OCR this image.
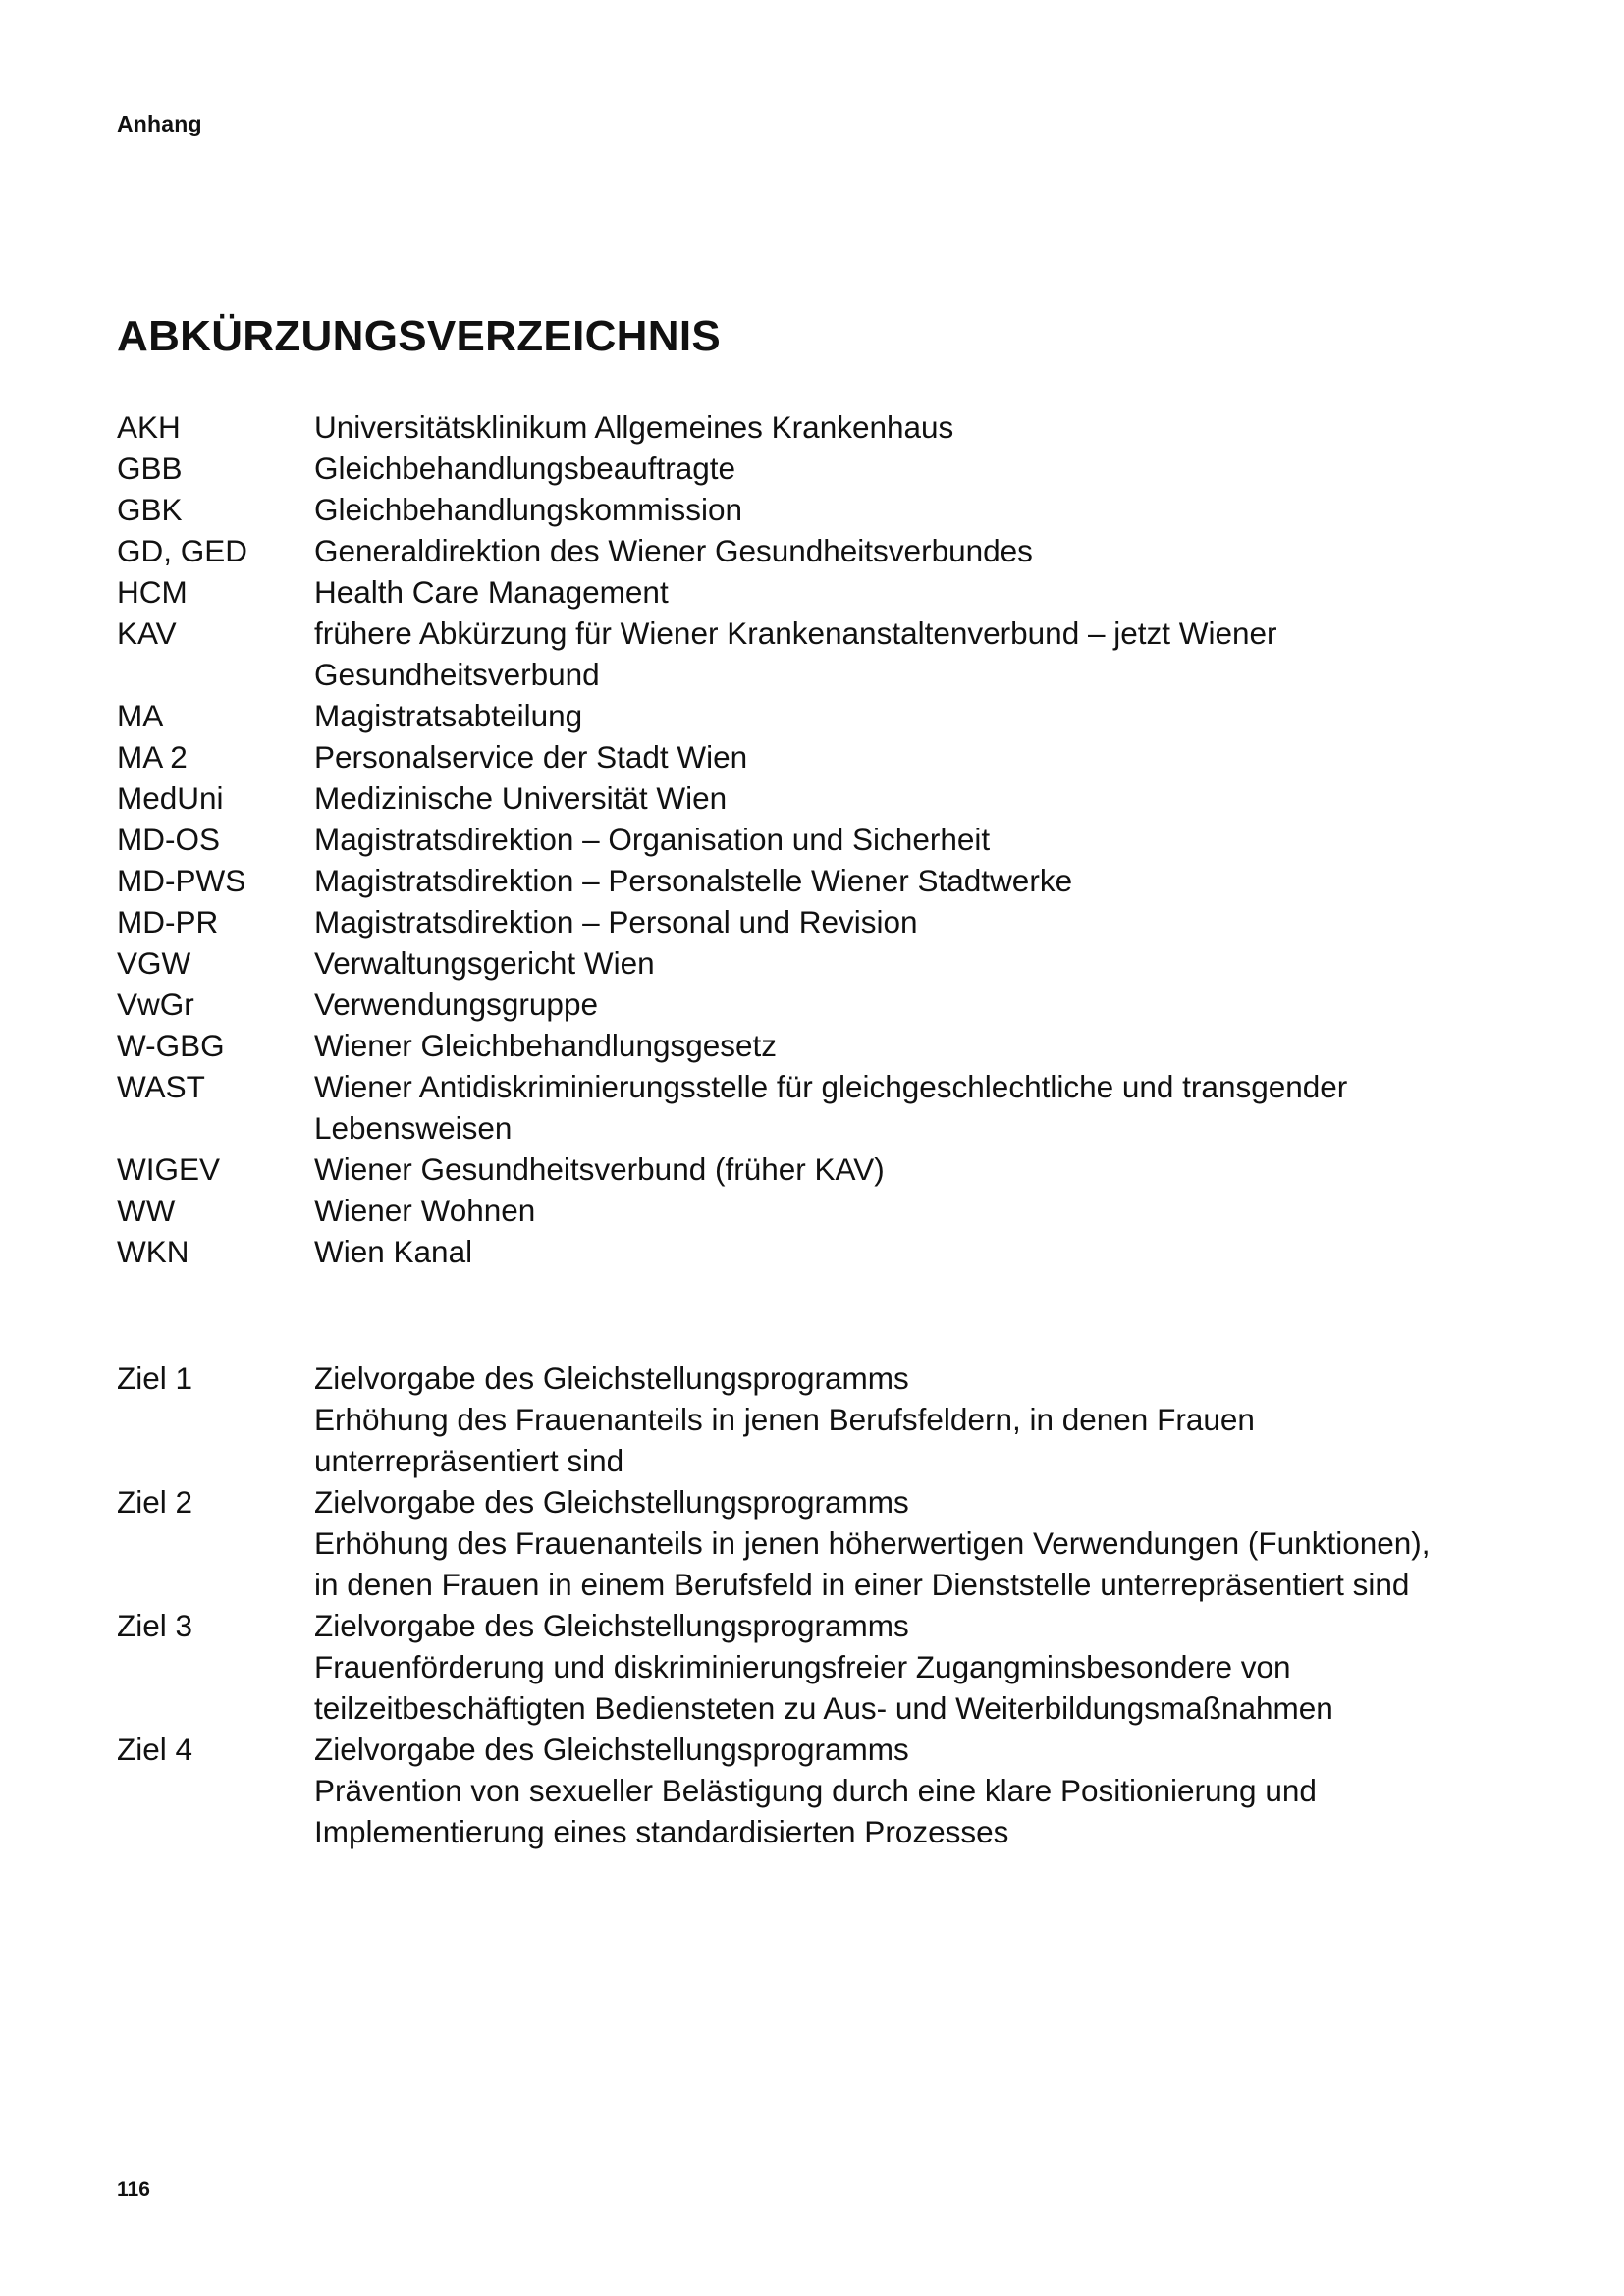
Anhang
ABKÜRZUNGSVERZEICHNIS
AKH	Universitätsklinikum Allgemeines Krankenhaus
GBB	Gleichbehandlungsbeauftragte
GBK	Gleichbehandlungskommission
GD, GED	Generaldirektion des Wiener Gesundheitsverbundes
HCM	Health Care Management
KAV	frühere Abkürzung für Wiener Krankenanstaltenverbund – jetzt Wiener
Gesundheitsverbund
MA	Magistratsabteilung
MA 2	Personalservice der Stadt Wien
MedUni	Medizinische Universität Wien
MD-OS	Magistratsdirektion – Organisation und Sicherheit
MD-PWS	Magistratsdirektion – Personalstelle Wiener Stadtwerke
MD-PR	Magistratsdirektion – Personal und Revision
VGW	Verwaltungsgericht Wien
VwGr	Verwendungsgruppe
W-GBG	Wiener Gleichbehandlungsgesetz
WAST	Wiener Antidiskriminierungsstelle für gleichgeschlechtliche und transgender
Lebensweisen
WIGEV	Wiener Gesundheitsverbund (früher KAV)
WW	Wiener Wohnen
WKN	Wien Kanal
Ziel 1	Zielvorgabe des Gleichstellungsprogramms
Erhöhung des Frauenanteils in jenen Berufsfeldern, in denen Frauen
unterrepräsentiert sind
Ziel 2	Zielvorgabe des Gleichstellungsprogramms
Erhöhung des Frauenanteils in jenen höherwertigen Verwendungen (Funktionen),
in denen Frauen in einem Berufsfeld in einer Dienststelle unterrepräsentiert sind
Ziel 3	Zielvorgabe des Gleichstellungsprogramms
Frauenförderung und diskriminierungsfreier Zugangminsbesondere von
teilzeitbeschäftigten Bediensteten zu Aus- und Weiterbildungsmaßnahmen
Ziel 4	Zielvorgabe des Gleichstellungsprogramms
Prävention von sexueller Belästigung durch eine klare Positionierung und
Implementierung eines standardisierten Prozesses
116
